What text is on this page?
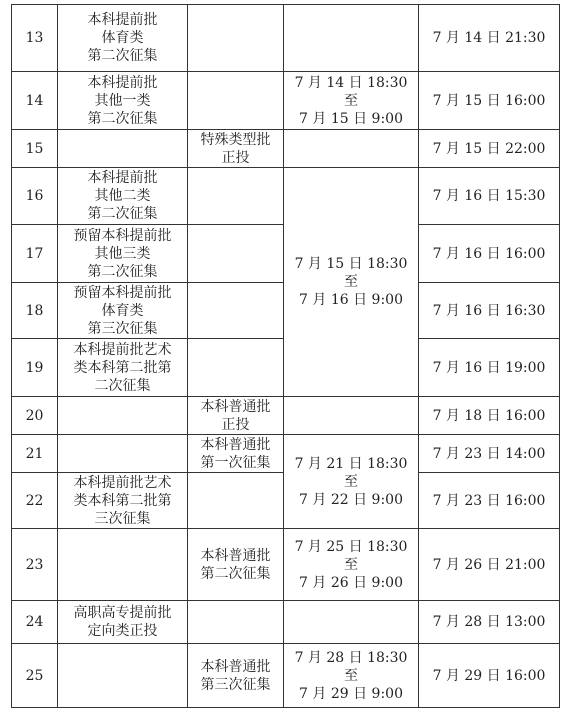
13	本科提前批
体育类
第二次征集			7 月 14 日 21:30
14	本科提前批
其他一类
第二次征集		7 月 14 日 18:30
至
7 月 15 日 9:00	7 月 15 日 16:00
15		特殊类型批
正投		7 月 15 日 22:00
16	本科提前批
其他二类
第二次征集		7 月 15 日 18:30
至
7 月 16 日 9:00	7 月 16 日 15:30
17	预留本科提前批
其他三类
第二次征集			7 月 16 日 16:00
18	预留本科提前批
体育类
第三次征集			7 月 16 日 16:30
19	本科提前批艺术
类本科第二批第
二次征集			7 月 16 日 19:00
20		本科普通批
正投		7 月 18 日 16:00
21		本科普通批
第一次征集	7 月 21 日 18:30
至
7 月 22 日 9:00	7 月 23 日 14:00
22	本科提前批艺术
类本科第二批第
三次征集			7 月 23 日 16:00
23		本科普通批
第二次征集	7 月 25 日 18:30
至
7 月 26 日 9:00	7 月 26 日 21:00
24	高职高专提前批
定向类正投			7 月 28 日 13:00
25		本科普通批
第三次征集	7 月 28 日 18:30
至
7 月 29 日 9:00	7 月 29 日 16:00
